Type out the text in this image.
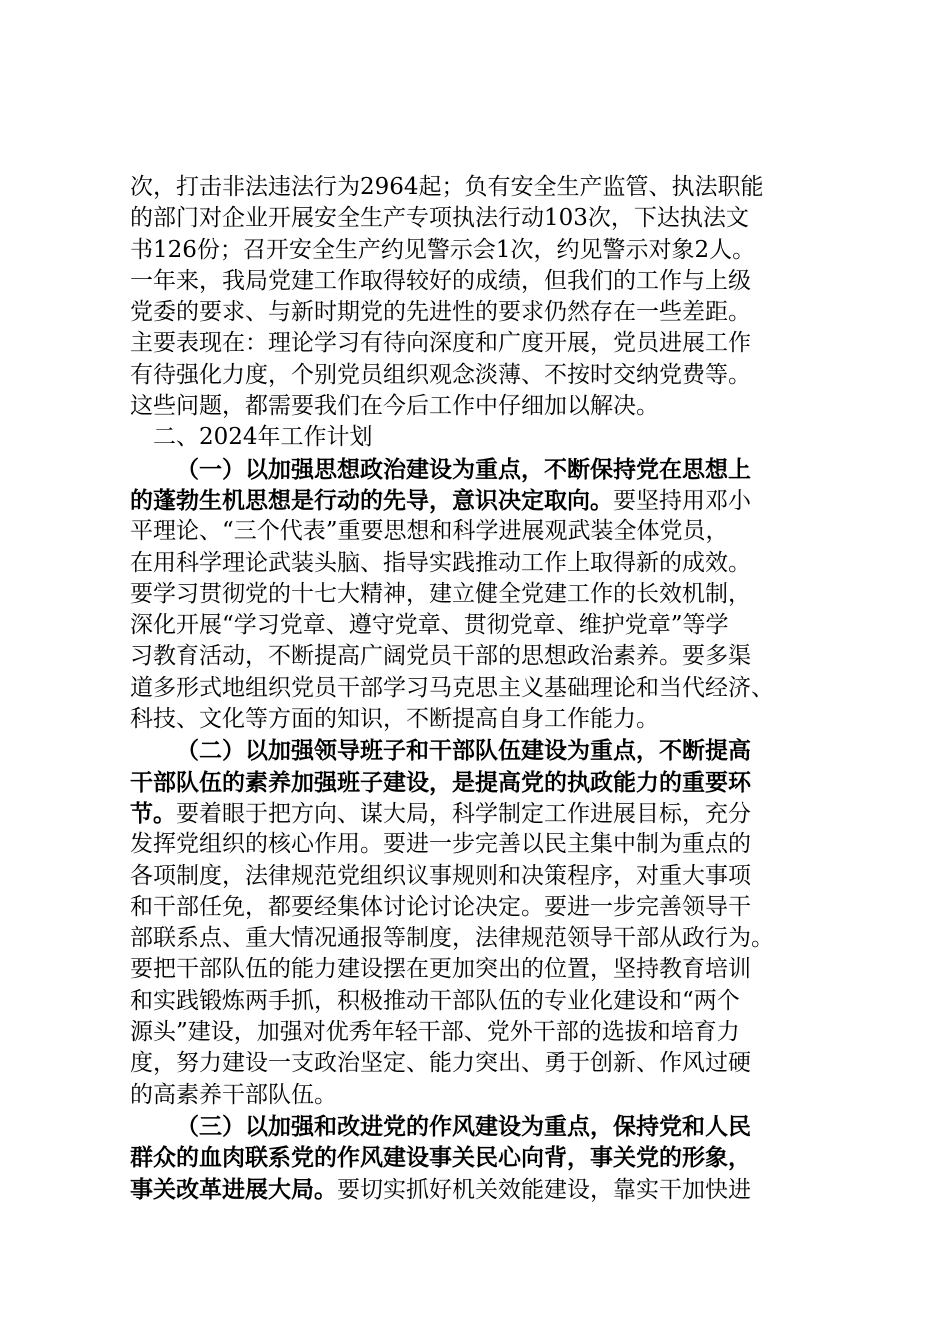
次，打击非法违法行为2964起；负有安全生产监管、执法职能
的部门对企业开展安全生产专项执法行动103次，下达执法文
书126份；召开安全生产约见警示会1次，约见警示对象2人。
一年来，我局党建工作取得较好的成绩，但我们的工作与上级
党委的要求、与新时期党的先进性的要求仍然存在一些差距。
主要表现在：理论学习有待向深度和广度开展，党员进展工作
有待强化力度，个别党员组织观念淡薄、不按时交纳党费等。
这些问题，都需要我们在今后工作中仔细加以解决。
二、2024年工作计划
（一）以加强思想政治建设为重点，不断保持党在思想上
的蓬勃生机思想是行动的先导，意识决定取向。要坚持用邓小
平理论、“三个代表”重要思想和科学进展观武装全体党员，
在用科学理论武装头脑、指导实践推动工作上取得新的成效。
要学习贯彻党的十七大精神，建立健全党建工作的长效机制，
深化开展“学习党章、遵守党章、贯彻党章、维护党章”等学
习教育活动，不断提高广阔党员干部的思想政治素养。要多渠
道多形式地组织党员干部学习马克思主义基础理论和当代经济、
科技、文化等方面的知识，不断提高自身工作能力。
（二）以加强领导班子和干部队伍建设为重点，不断提高
干部队伍的素养加强班子建设，是提高党的执政能力的重要环
节。要着眼于把方向、谋大局，科学制定工作进展目标，充分
发挥党组织的核心作用。要进一步完善以民主集中制为重点的
各项制度，法律规范党组织议事规则和决策程序，对重大事项
和干部任免，都要经集体讨论讨论决定。要进一步完善领导干
部联系点、重大情况通报等制度，法律规范领导干部从政行为。
要把干部队伍的能力建设摆在更加突出的位置，坚持教育培训
和实践锻炼两手抓，积极推动干部队伍的专业化建设和“两个
源头”建设，加强对优秀年轻干部、党外干部的选拔和培育力
度，努力建设一支政治坚定、能力突出、勇于创新、作风过硬
的高素养干部队伍。
（三）以加强和改进党的作风建设为重点，保持党和人民
群众的血肉联系党的作风建设事关民心向背，事关党的形象，
事关改革进展大局。要切实抓好机关效能建设，靠实干加快进
